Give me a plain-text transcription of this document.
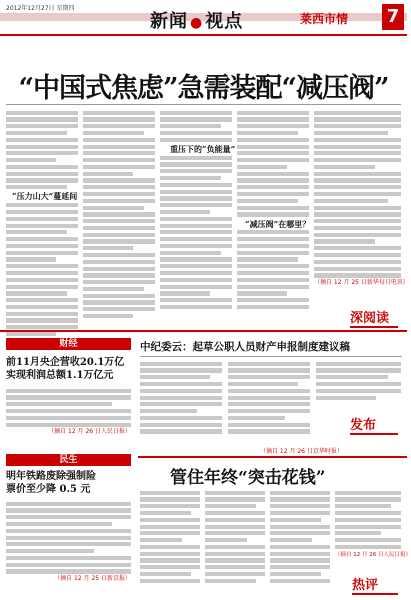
2012年12月27日 星期四
新闻 ● 视点	莱西市情 7
“中国式焦虑”急需装配“减压阀”
“压力山大”蔓延间
重压下的“负能量”
“减压阀”在哪里？
（摘自 12 月 25 日新华每日电讯）
深阅读
财经
前11月央企营收20.1万亿
实现利润总额1.1万亿元
（摘自 12 月 26 日人民日报）
民生
明年铁路废除强制险
票价至少降 0.5 元
（摘自 12 月 25 日新京报）
中纪委云：起草公职人员财产申报制度建议稿
（摘自 12 月 26 日京华时报）
发布
管住年终“突击花钱”
（摘自 12 月 26 日人民日报）
热评
